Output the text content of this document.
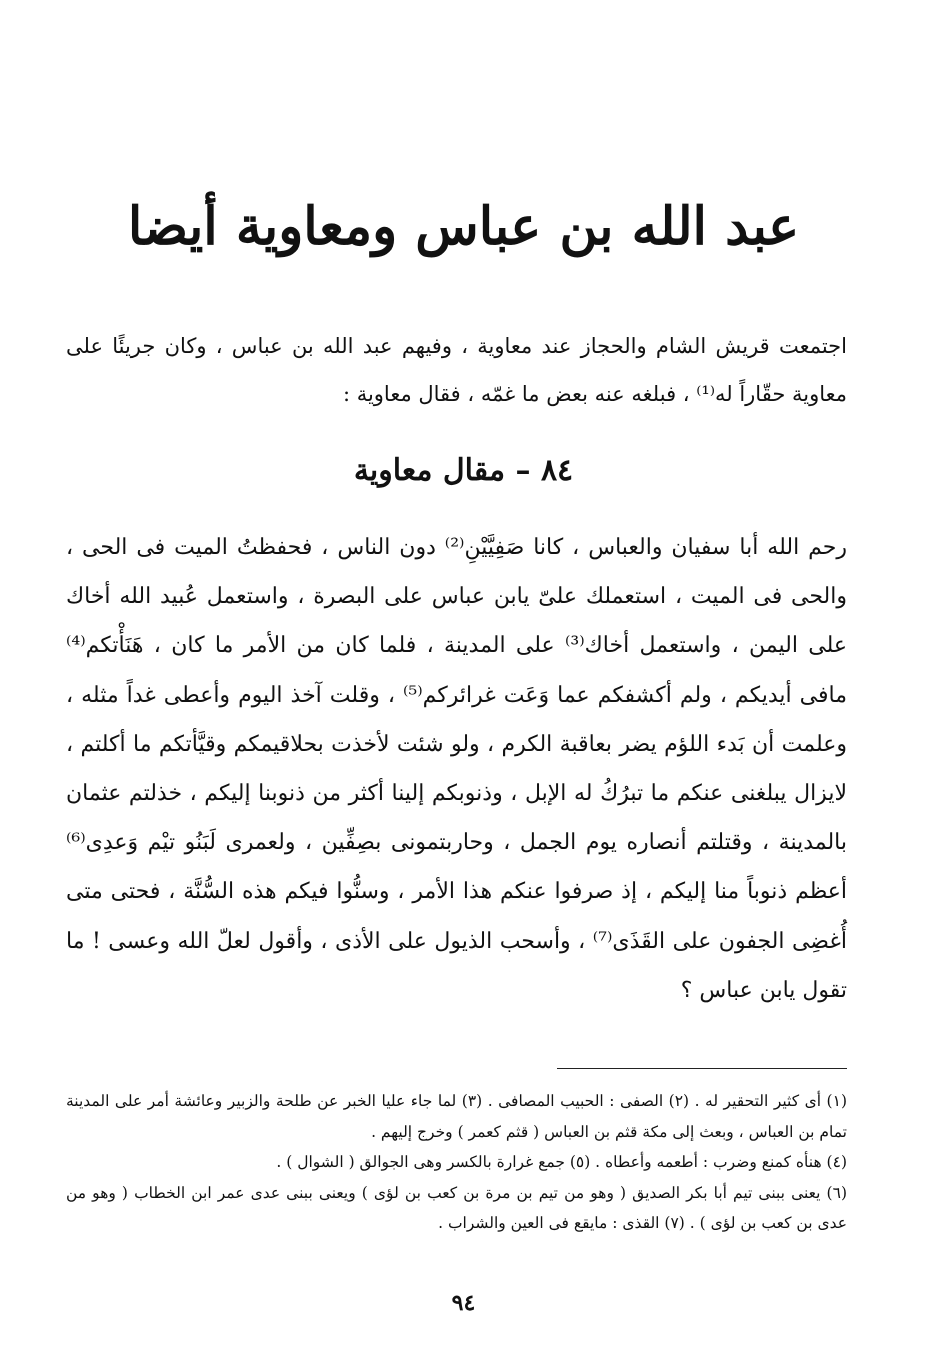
عبد الله بن عباس ومعاوية أيضا

اجتمعت قريش الشام والحجاز عند معاوية ، وفيهم عبد الله بن عباس ، وكان جريئًا على معاوية حقّاراً له⁽¹⁾ ، فبلغه عنه بعض ما غمّه ، فقال معاوية :

٨٤ – مقال معاوية

رحم الله أبا سفيان والعباس ، كانا صَفِيَّيْنِ⁽²⁾ دون الناس ، فحفظتُ الميت فى الحى ، والحى فى الميت ، استعملك علىّ يابن عباس على البصرة ، واستعمل عُبيد الله أخاك على اليمن ، واستعمل أخاك⁽³⁾ على المدينة ، فلما كان من الأمر ما كان ، هَنَأْتكم⁽⁴⁾ مافى أيديكم ، ولم أكشفكم عما وَعَت غرائركم⁽⁵⁾ ، وقلت آخذ اليوم وأعطى غداً مثله ، وعلمت أن بَدء اللؤم يضر بعاقبة الكرم ، ولو شئت لأخذت بحلاقيمكم وقيَّأتكم ما أكلتم ، لايزال يبلغنى عنكم ما تبرُكُ له الإبل ، وذنوبكم إلينا أكثر من ذنوبنا إليكم ، خذلتم عثمان بالمدينة ، وقتلتم أنصاره يوم الجمل ، وحاربتمونى بصِفِّين ، ولعمرى لَبَنُو تيْم وَعدِى⁽⁶⁾ أعظم ذنوباً منا إليكم ، إذ صرفوا عنكم هذا الأمر ، وسنُّوا فيكم هذه السُّنَّة ، فحتى متى أُغضِى الجفون على القَذَى⁽⁷⁾ ، وأسحب الذيول على الأذى ، وأقول لعلّ الله وعسى ! ما تقول يابن عباس ؟

(١) أى كثير التحقير له . (٢) الصفى : الحبيب المصافى . (٣) لما جاء عليا الخبر عن طلحة والزبير وعائشة أمر على المدينة تمام بن العباس ، وبعث إلى مكة قثم بن العباس ( قثم كعمر ) وخرج إليهم .

(٤) هنأه كمنع وضرب : أطعمه وأعطاه . (٥) جمع غرارة بالكسر وهى الجوالق ( الشوال ) .

(٦) يعنى ببنى تيم أبا بكر الصديق ( وهو من تيم بن مرة بن كعب بن لؤى ) ويعنى ببنى عدى عمر ابن الخطاب ( وهو من عدى بن كعب بن لؤى ) . (٧) القذى : مايقع فى العين والشراب .

٩٤
